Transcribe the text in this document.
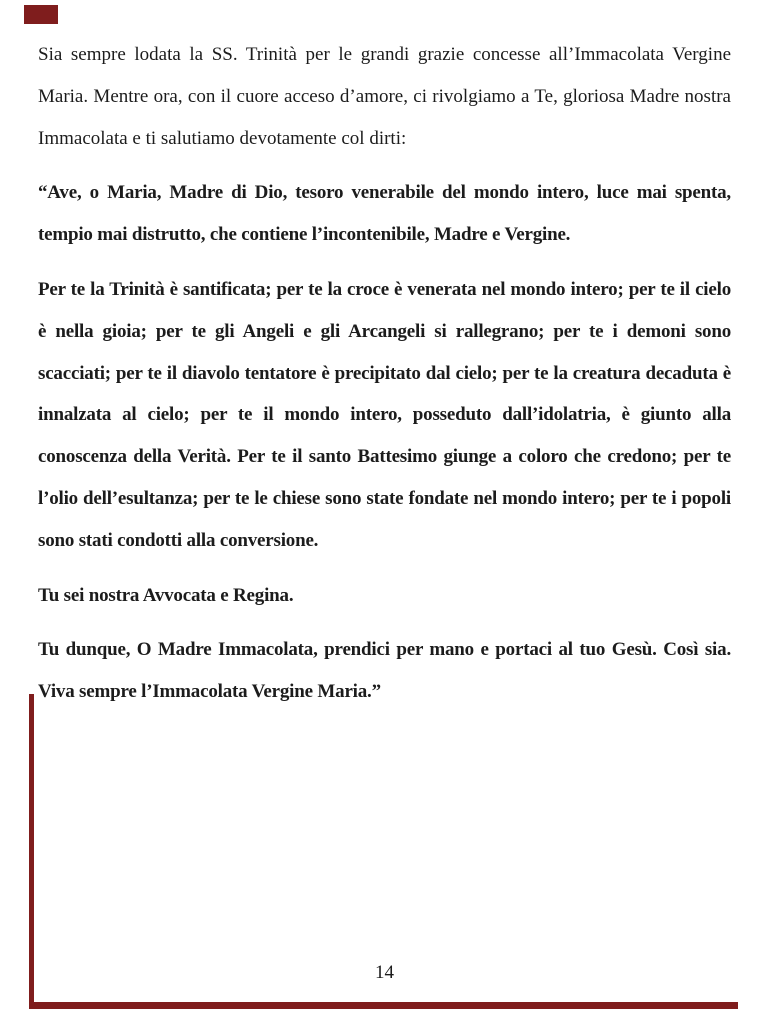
Sia sempre lodata la SS. Trinità per le grandi grazie concesse all’Immacolata Vergine Maria. Mentre ora, con il cuore acceso d’amore, ci rivolgiamo a Te, gloriosa Madre nostra Immacolata e ti salutiamo devotamente col dirti:

“Ave, o Maria, Madre di Dio, tesoro venerabile del mondo intero, luce mai spenta, tempio mai distrutto, che contiene l’incontenibile, Madre e Vergine.

Per te la Trinità è santificata; per te la croce è venerata nel mondo intero; per te il cielo è nella gioia; per te gli Angeli e gli Arcangeli si rallegrano; per te i demoni sono scacciati; per te il diavolo tentatore è precipitato dal cielo; per te la creatura decaduta è innalzata al cielo; per te il mondo intero, posseduto dall’idolatria, è giunto alla conoscenza della Verità. Per te il santo Battesimo giunge a coloro che credono; per te l’olio dell’esultanza; per te le chiese sono state fondate nel mondo intero; per te i popoli sono stati condotti alla conversione.

Tu sei nostra Avvocata e Regina.

Tu dunque, O Madre Immacolata, prendici per mano e portaci al tuo Gesù. Così sia. Viva sempre l’Immacolata Vergine Maria.”

14
